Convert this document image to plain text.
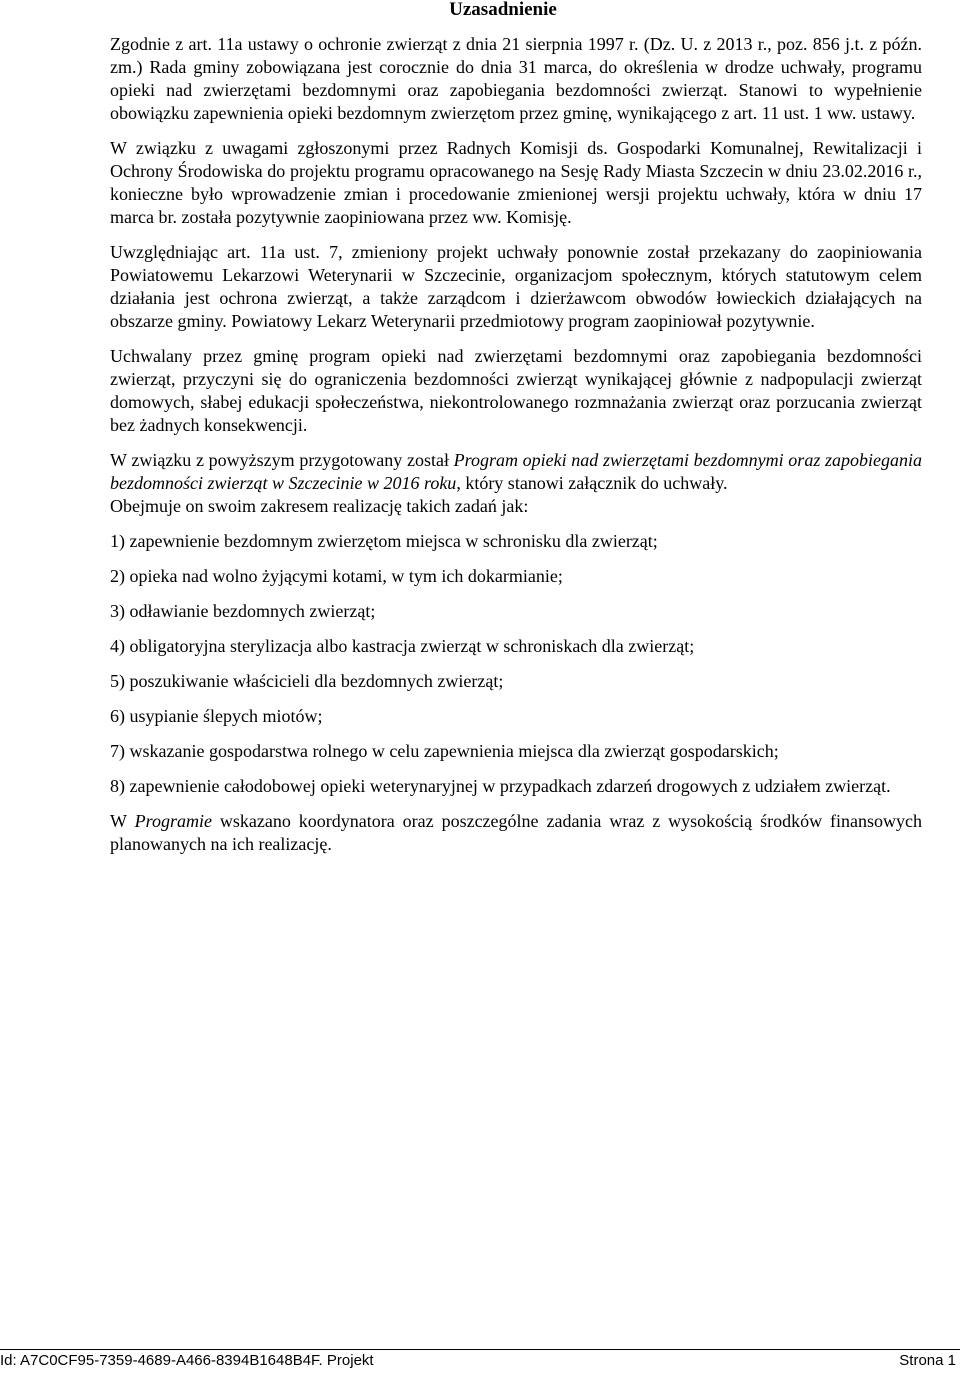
Uzasadnienie

Zgodnie z art. 11a ustawy o ochronie zwierząt z dnia 21 sierpnia 1997 r. (Dz. U. z 2013 r., poz. 856 j.t. z późn. zm.) Rada gminy zobowiązana jest corocznie do dnia 31 marca, do określenia w drodze uchwały, programu opieki nad zwierzętami bezdomnymi oraz zapobiegania bezdomności zwierząt. Stanowi to wypełnienie obowiązku zapewnienia opieki bezdomnym zwierzętom przez gminę, wynikającego z art. 11 ust. 1 ww. ustawy.

W związku z uwagami zgłoszonymi przez Radnych Komisji ds. Gospodarki Komunalnej, Rewitalizacji i Ochrony Środowiska do projektu programu opracowanego na Sesję Rady Miasta Szczecin w dniu 23.02.2016 r., konieczne było wprowadzenie zmian i procedowanie zmienionej wersji projektu uchwały, która w dniu 17 marca br. została pozytywnie zaopiniowana przez ww. Komisję.

Uwzględniając art. 11a ust. 7, zmieniony projekt uchwały ponownie został przekazany do zaopiniowania Powiatowemu Lekarzowi Weterynarii w Szczecinie, organizacjom społecznym, których statutowym celem działania jest ochrona zwierząt, a także zarządcom i dzierżawcom obwodów łowieckich działających na obszarze gminy. Powiatowy Lekarz Weterynarii przedmiotowy program zaopiniował pozytywnie.

Uchwalany przez gminę program opieki nad zwierzętami bezdomnymi oraz zapobiegania bezdomności zwierząt, przyczyni się do ograniczenia bezdomności zwierząt wynikającej głównie z nadpopulacji zwierząt domowych, słabej edukacji społeczeństwa, niekontrolowanego rozmnażania zwierząt oraz porzucania zwierząt bez żadnych konsekwencji.

W związku z powyższym przygotowany został Program opieki nad zwierzętami bezdomnymi oraz zapobiegania bezdomności zwierząt w Szczecinie w 2016 roku, który stanowi załącznik do uchwały.

Obejmuje on swoim zakresem realizację takich zadań jak:

1) zapewnienie bezdomnym zwierzętom miejsca w schronisku dla zwierząt;
2) opieka nad wolno żyjącymi kotami, w tym ich dokarmianie;
3) odławianie bezdomnych zwierząt;
4) obligatoryjna sterylizacja albo kastracja zwierząt w schroniskach dla zwierząt;
5) poszukiwanie właścicieli dla bezdomnych zwierząt;
6) usypianie ślepych miotów;
7) wskazanie gospodarstwa rolnego w celu zapewnienia miejsca dla zwierząt gospodarskich;
8) zapewnienie całodobowej opieki weterynaryjnej w przypadkach zdarzeń drogowych z udziałem zwierząt.

W Programie wskazano koordynatora oraz poszczególne zadania wraz z wysokością środków finansowych planowanych na ich realizację.

Id: A7C0CF95-7359-4689-A466-8394B1648B4F. Projekt	Strona 1
